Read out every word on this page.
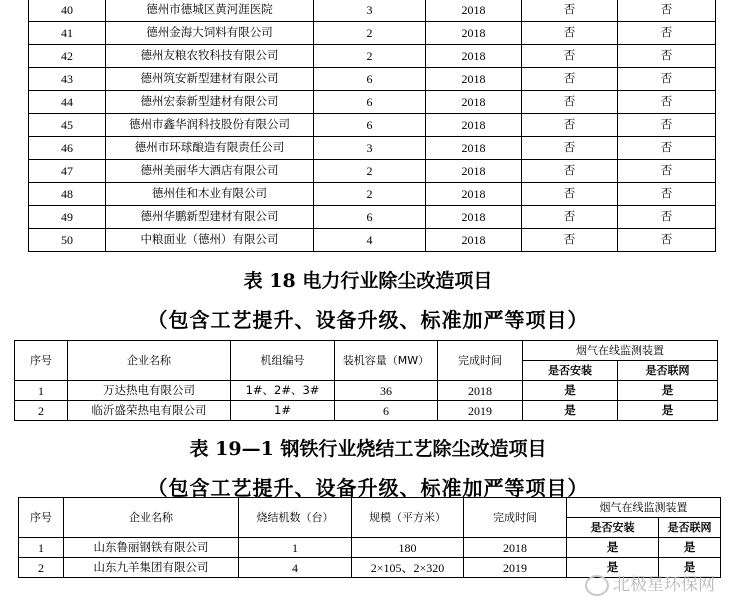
40	德州市德城区黄河涯医院	3	2018	否	否
41	德州金海大饲料有限公司	2	2018	否	否
42	德州友粮农牧科技有限公司	2	2018	否	否
43	德州筑安新型建材有限公司	6	2018	否	否
44	德州宏泰新型建材有限公司	6	2018	否	否
45	德州市鑫华润科技股份有限公司	6	2018	否	否
46	德州市环球酿造有限责任公司	3	2018	否	否
47	德州美丽华大酒店有限公司	2	2018	否	否
48	德州佳和木业有限公司	2	2018	否	否
49	德州华鹏新型建材有限公司	6	2018	否	否
50	中粮面业（德州）有限公司	4	2018	否	否
表 18 电力行业除尘改造项目
（包含工艺提升、设备升级、标准加严等项目）
序号	企业名称	机组编号	装机容量（MW）	完成时间	烟气在线监测装置	
					是否安装	是否联网
1	万达热电有限公司	1#、2#、3#	36	2018	是	是
2	临沂盛荣热电有限公司	1#	6	2019	是	是
表 19—1 钢铁行业烧结工艺除尘改造项目
（包含工艺提升、设备升级、标准加严等项目）
序号	企业名称	烧结机数（台）	规模（平方米）	完成时间	烟气在线监测装置	
					是否安装	是否联网
1	山东鲁丽钢铁有限公司	1	180	2018	是	是
2	山东九羊集团有限公司	4	2×105、2×320	2019	是	是
北极星环保网
